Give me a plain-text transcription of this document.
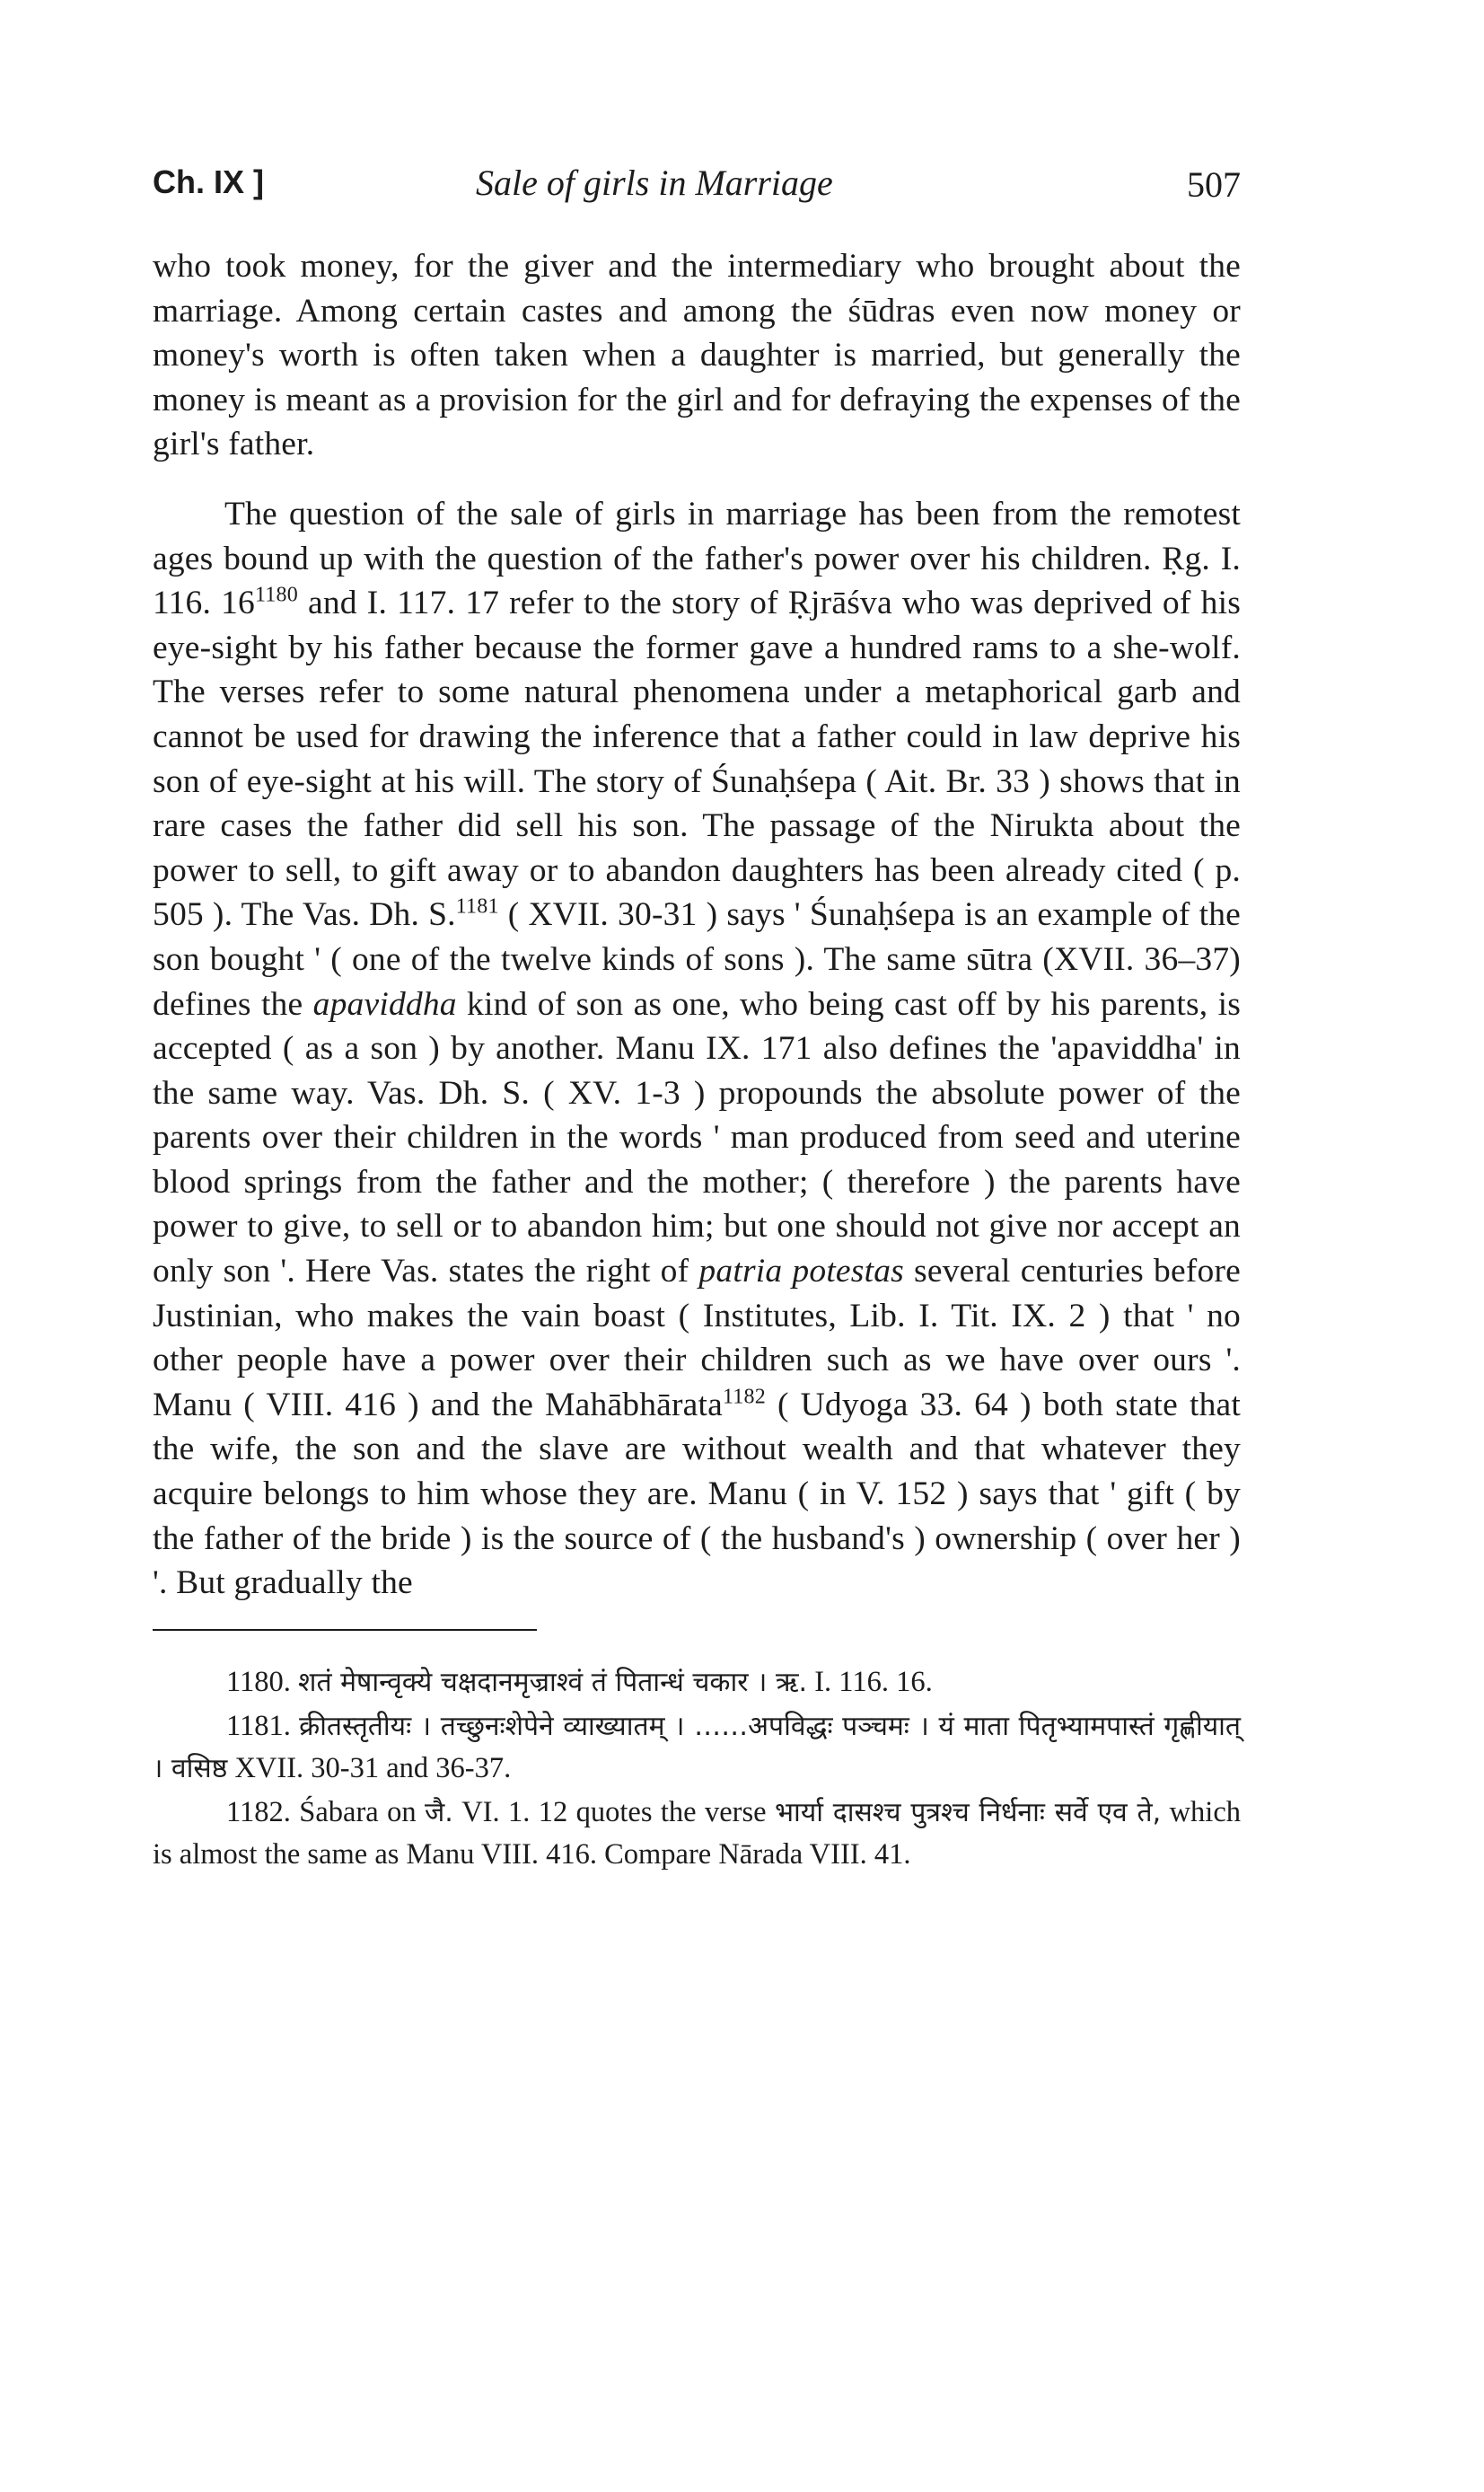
Ch. IX ]	Sale of girls in Marriage	507

who took money, for the giver and the intermediary who brought about the marriage. Among certain castes and among the śūdras even now money or money's worth is often taken when a daughter is married, but generally the money is meant as a provision for the girl and for defraying the expenses of the girl's father.

The question of the sale of girls in marriage has been from the remotest ages bound up with the question of the father's power over his children. Ṛg. I. 116. 16$^{1180}$ and I. 117. 17 refer to the story of Ṛjrāśva who was deprived of his eye-sight by his father because the former gave a hundred rams to a she-wolf. The verses refer to some natural phenomena under a metaphorical garb and cannot be used for drawing the inference that a father could in law deprive his son of eye-sight at his will. The story of Śunaḥśepa ( Ait. Br. 33 ) shows that in rare cases the father did sell his son. The passage of the Nirukta about the power to sell, to gift away or to abandon daughters has been already cited ( p. 505 ). The Vas. Dh. S.$^{1181}$ ( XVII. 30-31 ) says ' Śunaḥśepa is an example of the son bought ' ( one of the twelve kinds of sons ). The same sūtra (XVII. 36–37) defines the apaviddha kind of son as one, who being cast off by his parents, is accepted ( as a son ) by another. Manu IX. 171 also defines the 'apaviddha' in the same way. Vas. Dh. S. ( XV. 1-3 ) propounds the absolute power of the parents over their children in the words ' man produced from seed and uterine blood springs from the father and the mother; ( therefore ) the parents have power to give, to sell or to abandon him; but one should not give nor accept an only son '. Here Vas. states the right of patria potestas several centuries before Justinian, who makes the vain boast ( Institutes, Lib. I. Tit. IX. 2 ) that ' no other people have a power over their children such as we have over ours '. Manu ( VIII. 416 ) and the Mahābhārata$^{1182}$ ( Udyoga 33. 64 ) both state that the wife, the son and the slave are without wealth and that whatever they acquire belongs to him whose they are. Manu ( in V. 152 ) says that ' gift ( by the father of the bride ) is the source of ( the husband's ) ownership ( over her ) '. But gradually the

1180. शतं मेषान्वृक्ये चक्षदानमृज्राश्वं तं पितान्धं चकार । ऋ. I. 116. 16.

1181. क्रीतस्तृतीयः । तच्छुनःशेपेने व्याख्यातम् । ……अपविद्धः पञ्चमः । यं माता पितृभ्यामपास्तं गृह्णीयात् । वसिष्ठ XVII. 30-31 and 36-37.

1182. Śabara on जै. VI. 1. 12 quotes the verse भार्या दासश्च पुत्रश्च निर्धनाः सर्वे एव ते, which is almost the same as Manu VIII. 416. Compare Nārada VIII. 41.
